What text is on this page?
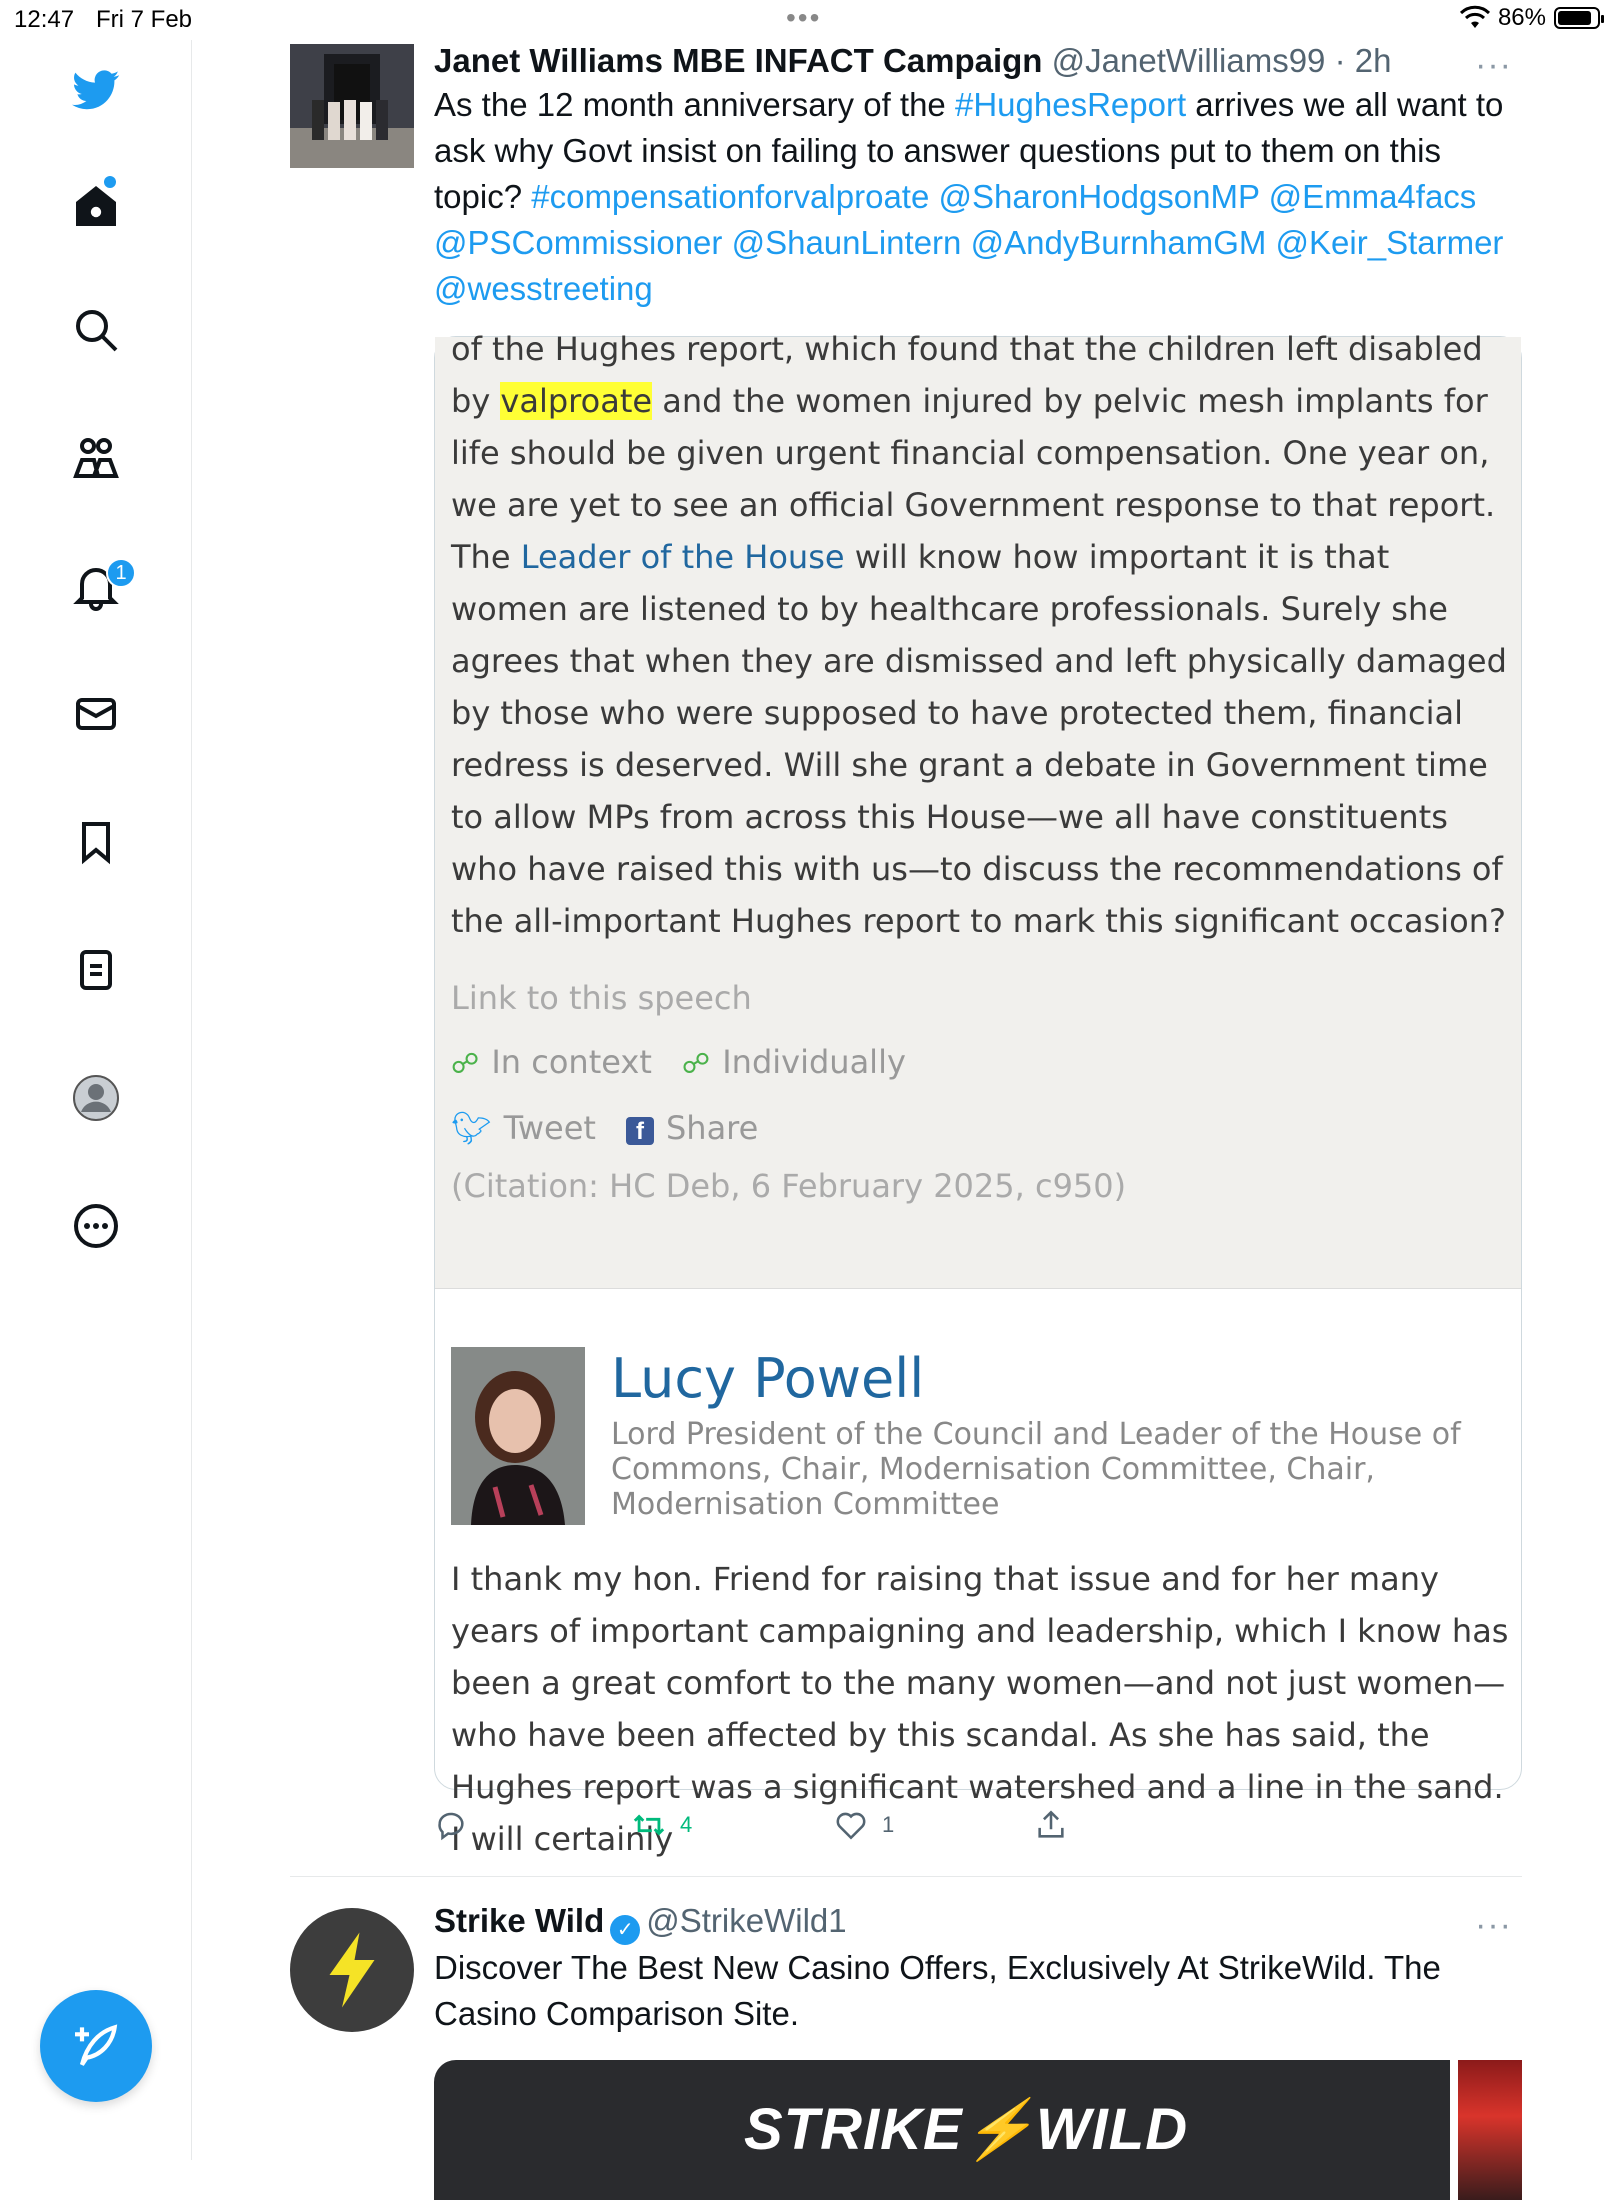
12:47 Fri 7 Feb	•••	86%
1
Janet Williams MBE INFACT Campaign @JanetWilliams99 · 2h	···

As the 12 month anniversary of the #HughesReport arrives we all want to ask why Govt insist on failing to answer questions put to them on this topic? #compensationforvalproate @SharonHodgsonMP @Emma4facs @PSCommissioner @ShaunLintern @AndyBurnhamGM @Keir_Starmer @wesstreeting

of the Hughes report, which found that the children left disabled by valproate and the women injured by pelvic mesh implants for life should be given urgent financial compensation. One year on, we are yet to see an official Government response to that report. The Leader of the House will know how important it is that women are listened to by healthcare professionals. Surely she agrees that when they are dismissed and left physically damaged by those who were supposed to have protected them, financial redress is deserved. Will she grant a debate in Government time to allow MPs from across this House—we all have constituents who have raised this with us—to discuss the recommendations of the all-important Hughes report to mark this significant occasion?

Link to this speech
☍ In context ☍ Individually
🐦︎ Tweet	f Share
(Citation: HC Deb, 6 February 2025, c950)
Lucy Powell
Lord President of the Council and Leader of the House of Commons, Chair, Modernisation Committee, Chair, Modernisation Committee

I thank my hon. Friend for raising that issue and for her many years of important campaigning and leadership, which I know has been a great comfort to the many women—and not just women—who have been affected by this scandal. As she has said, the Hughes report was a significant watershed and a line in the sand. I will certainly 4	1
Strike Wild ✓ @StrikeWild1	···

Discover The Best New Casino Offers, Exclusively At StrikeWild. The Casino Comparison Site.

STRIKE⚡WILD
